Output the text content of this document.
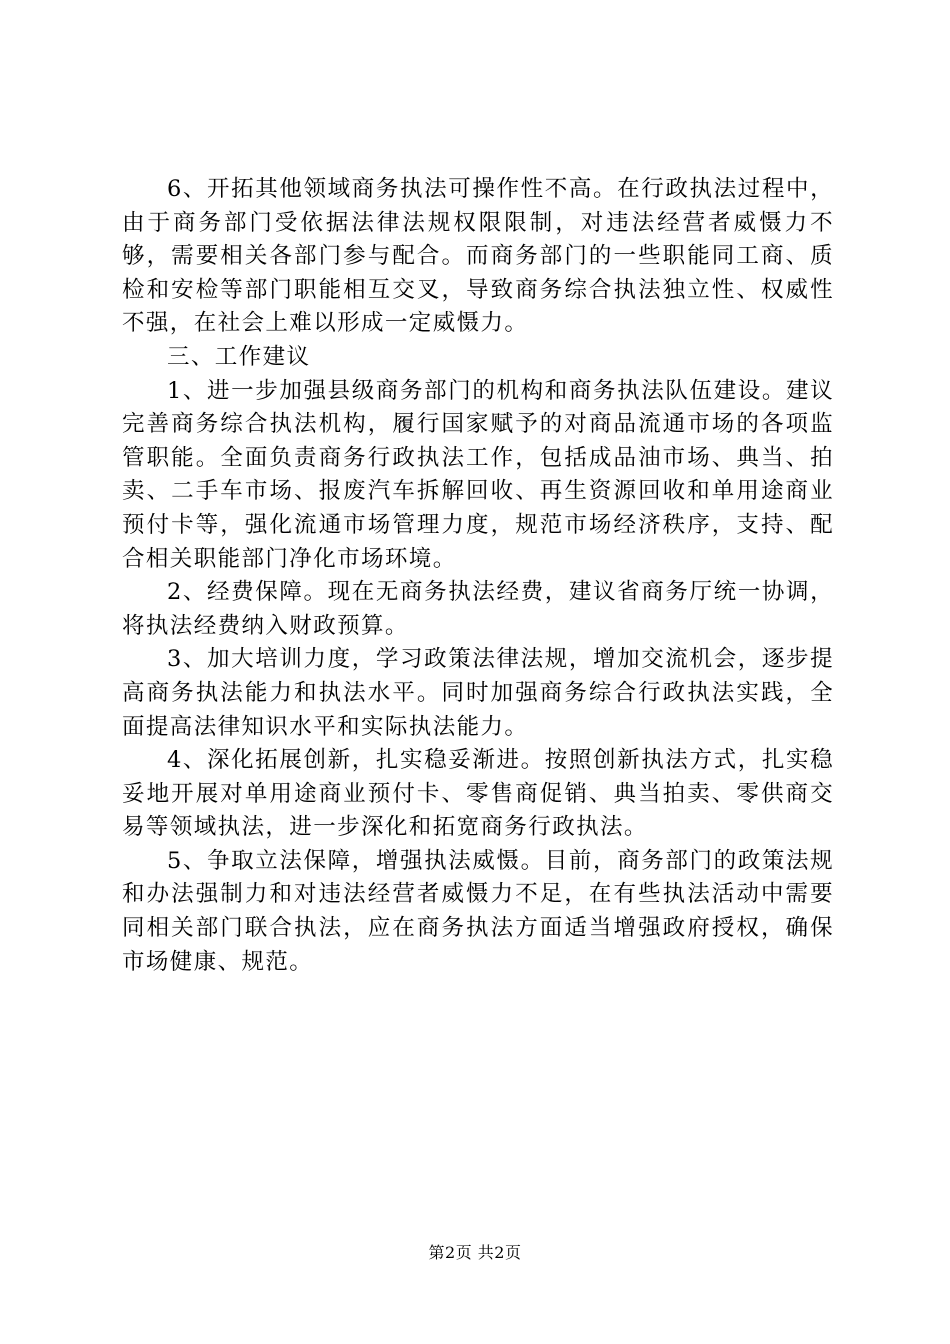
6、开拓其他领域商务执法可操作性不高。在行政执法过程中，由于商务部门受依据法律法规权限限制，对违法经营者威慑力不够，需要相关各部门参与配合。而商务部门的一些职能同工商、质检和安检等部门职能相互交叉，导致商务综合执法独立性、权威性不强，在社会上难以形成一定威慑力。

三、工作建议

1、进一步加强县级商务部门的机构和商务执法队伍建设。建议完善商务综合执法机构，履行国家赋予的对商品流通市场的各项监管职能。全面负责商务行政执法工作，包括成品油市场、典当、拍卖、二手车市场、报废汽车拆解回收、再生资源回收和单用途商业预付卡等，强化流通市场管理力度，规范市场经济秩序，支持、配合相关职能部门净化市场环境。

2、经费保障。现在无商务执法经费，建议省商务厅统一协调，将执法经费纳入财政预算。

3、加大培训力度，学习政策法律法规，增加交流机会，逐步提高商务执法能力和执法水平。同时加强商务综合行政执法实践，全面提高法律知识水平和实际执法能力。

4、深化拓展创新，扎实稳妥渐进。按照创新执法方式，扎实稳妥地开展对单用途商业预付卡、零售商促销、典当拍卖、零供商交易等领域执法，进一步深化和拓宽商务行政执法。

5、争取立法保障，增强执法威慑。目前，商务部门的政策法规和办法强制力和对违法经营者威慑力不足，在有些执法活动中需要同相关部门联合执法，应在商务执法方面适当增强政府授权，确保市场健康、规范。

第2页 共2页
